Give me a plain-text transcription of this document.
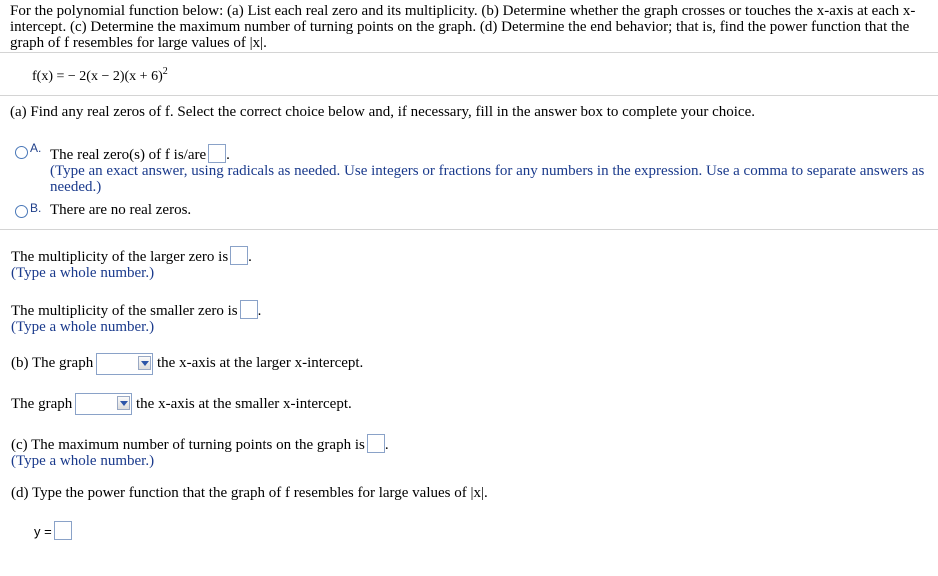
For the polynomial function below: (a) List each real zero and its multiplicity. (b) Determine whether the graph crosses or touches the x-axis at each x-intercept. (c) Determine the maximum number of turning points on the graph. (d) Determine the end behavior; that is, find the power function that the graph of f resembles for large values of |x|.
f(x) = − $2(x - 2)(x + 6)^2$
(a) Find any real zeros of f. Select the correct choice below and, if necessary, fill in the answer box to complete your choice.
A. The real zero(s) of f is/are .
(Type an exact answer, using radicals as needed. Use integers or fractions for any numbers in the expression. Use a comma to separate answers as needed.)
B. There are no real zeros.
The multiplicity of the larger zero is .
(Type a whole number.)
The multiplicity of the smaller zero is .
(Type a whole number.)
(b) The graph	the x-axis at the larger x-intercept.
The graph	the x-axis at the smaller x-intercept.
(c) The maximum number of turning points on the graph is .
(Type a whole number.)
(d) Type the power function that the graph of f resembles for large values of |x|.
y =
